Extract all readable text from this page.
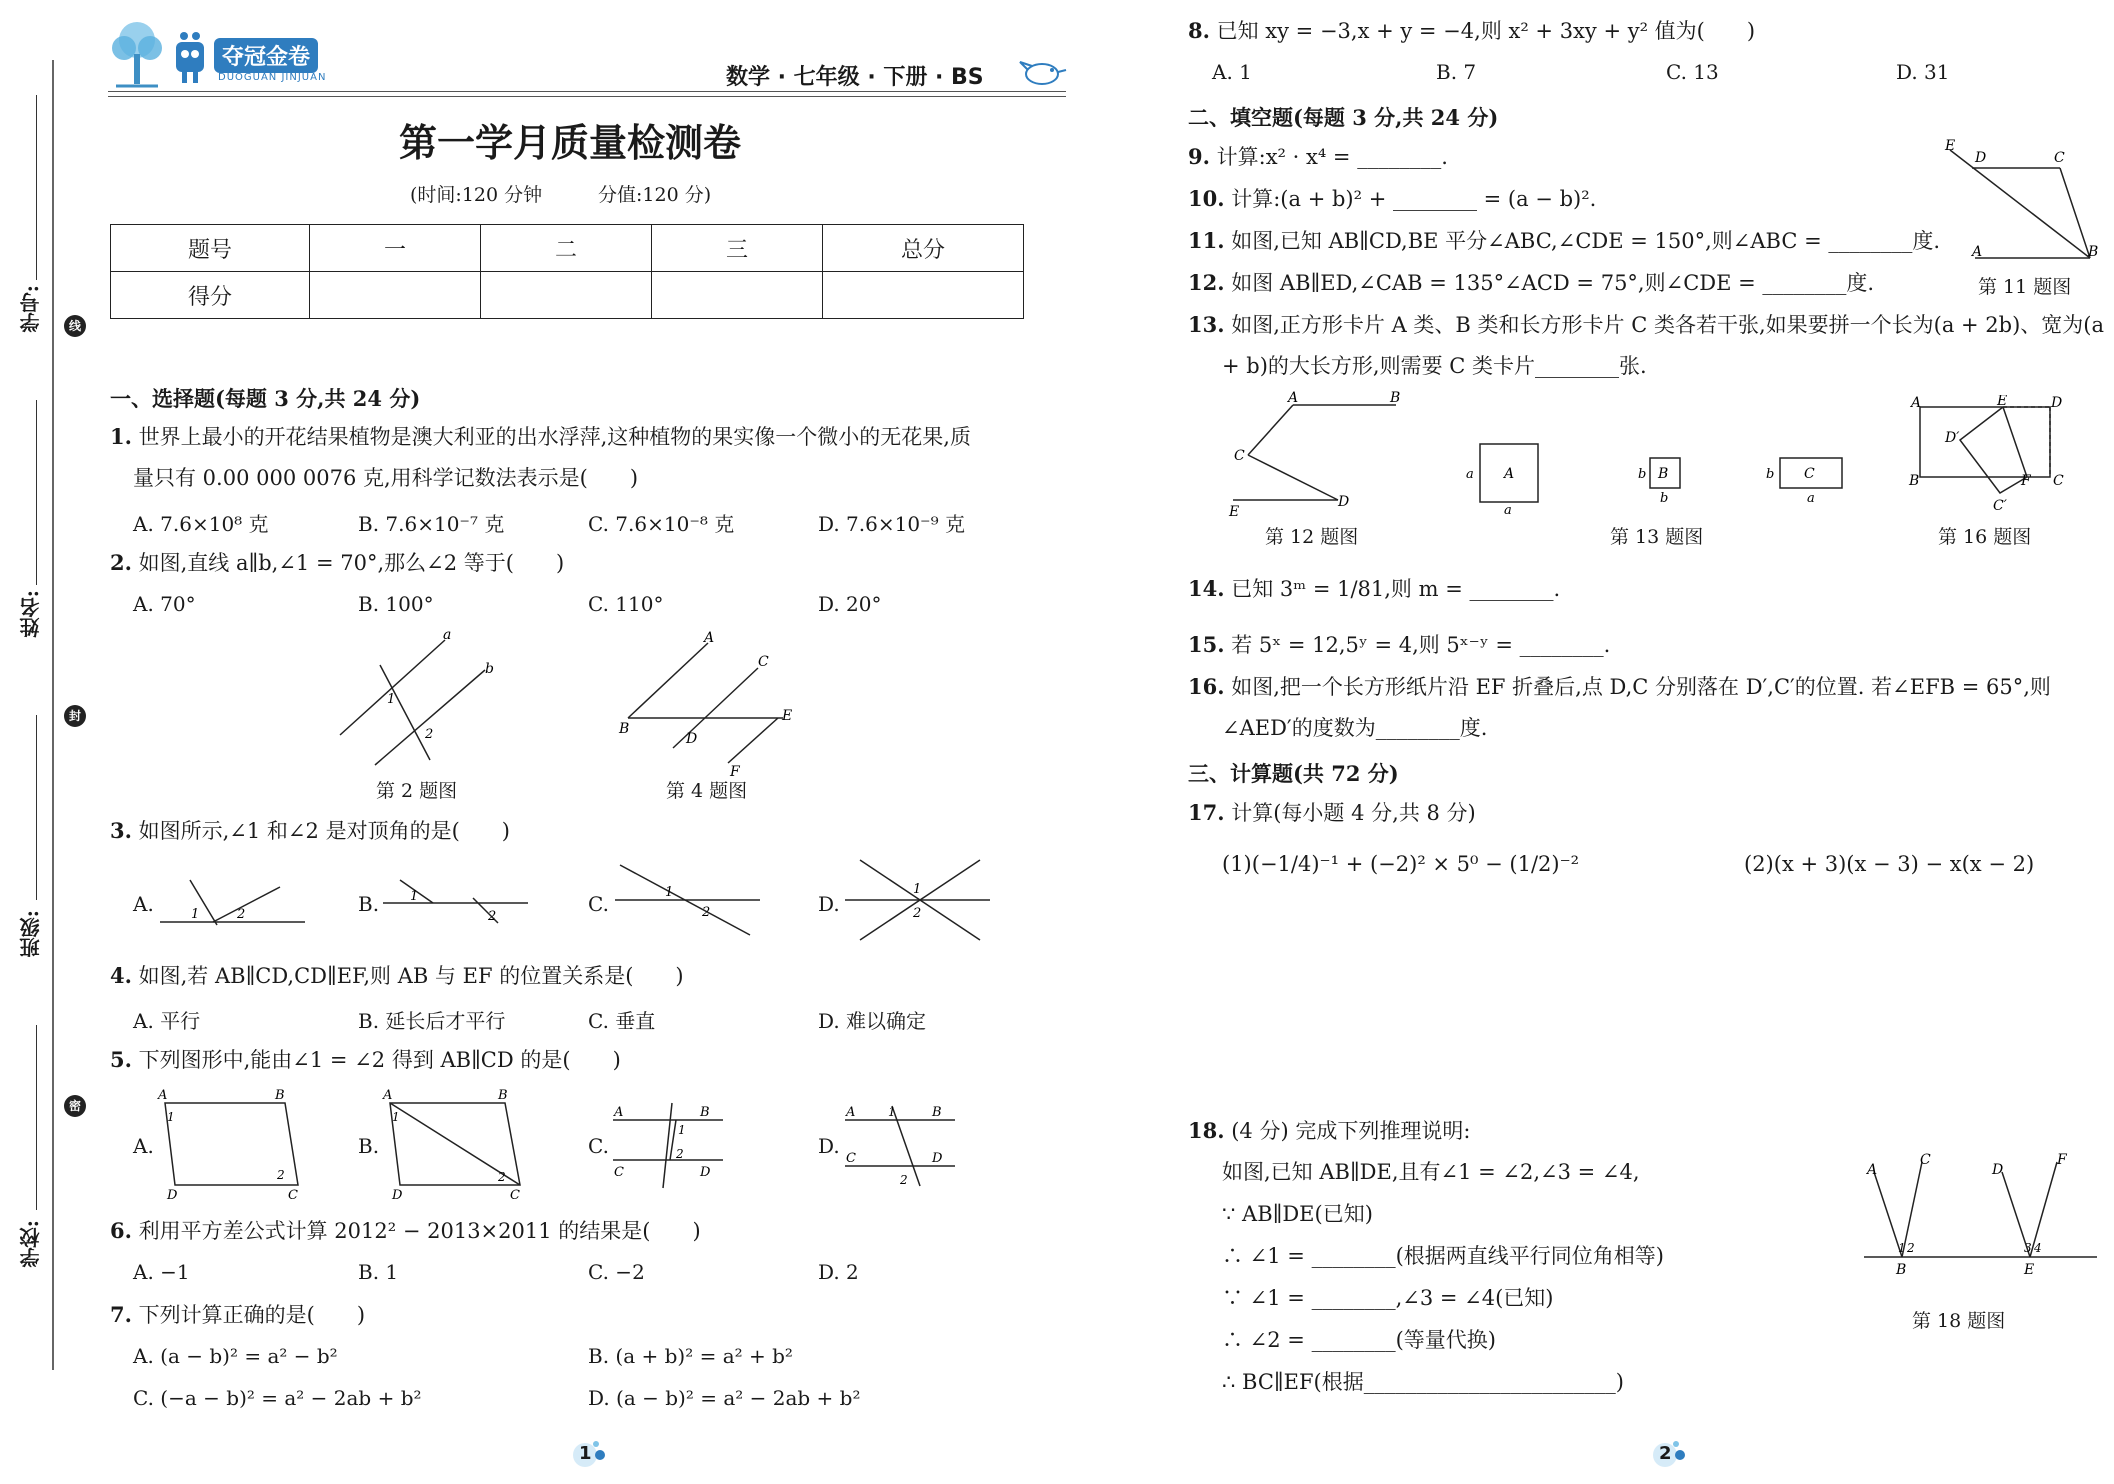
学号:
姓名:
班级:
学校:
线
封
密
夺冠金卷
DUOGUAN JINJUAN	数学 · 七年级 · 下册 · BS
第一学月质量检测卷
(时间:120 分钟	分值:120 分)
题号	一	二	三	总分
得分				
一、选择题(每题 3 分,共 24 分)
1. 世界上最小的开花结果植物是澳大利亚的出水浮萍,这种植物的果实像一个微小的无花果,质
量只有 0.00 000 0076 克,用科学记数法表示是(　　)
A. 7.6×10⁸ 克	B. 7.6×10⁻⁷ 克	C. 7.6×10⁻⁸ 克	D. 7.6×10⁻⁹ 克
2. 如图,直线 a∥b,∠1 = 70°,那么∠2 等于(　　)
A. 70°	B. 100°	C. 110°	D. 20°
a
b
1
2
A
B
C
D
E
F
第 2 题图	第 4 题图
3. 如图所示,∠1 和∠2 是对顶角的是(　　)
A.	1	2	B. 1
2
C.	1
2	D.
1
2
4. 如图,若 AB∥CD,CD∥EF,则 AB 与 EF 的位置关系是(　　)
A. 平行	B. 延长后才平行	C. 垂直	D. 难以确定
5. 下列图形中,能由∠1 = ∠2 得到 AB∥CD 的是(　　)
A.
A	B
D	C
1
2
B.
A	B
D	C
1
2
C.
A	B
C	D
1
2	D.
A	B
C	D
1
2
6. 利用平方差公式计算 2012² − 2013×2011 的结果是(　　)
A. −1	B. 1	C. −2	D. 2
7. 下列计算正确的是(　　)
A. (a − b)² = a² − b²	B. (a + b)² = a² + b²
C. (−a − b)² = a² − 2ab + b²	D. (a − b)² = a² − 2ab + b²
1
8. 已知 xy = −3,x + y = −4,则 x² + 3xy + y² 值为(　　)
A. 1	B. 7	C. 13	D. 31
二、填空题(每题 3 分,共 24 分)
9. 计算:x² · x⁴ = ________.
10. 计算:(a + b)² + ________ = (a − b)².
11. 如图,已知 AB∥CD,BE 平分∠ABC,∠CDE = 150°,则∠ABC = ________度.
12. 如图 AB∥ED,∠CAB = 135°∠ACD = 75°,则∠CDE = ________度.
E
D	C
A	B
第 11 题图
13. 如图,正方形卡片 A 类、B 类和长方形卡片 C 类各若干张,如果要拼一个长为(a + 2b)、宽为(a
+ b)的大长方形,则需要 C 类卡片________张.
A	B
C
D
E
第 12 题图
A
a
a
B
b
b
C
b
a
第 13 题图
A	E	D
B	F C
D′
C′
第 16 题图
14. 已知 3ᵐ = 1/81,则 m = ________.
15. 若 5ˣ = 12,5ʸ = 4,则 5ˣ⁻ʸ = ________.
16. 如图,把一个长方形纸片沿 EF 折叠后,点 D,C 分别落在 D′,C′的位置. 若∠EFB = 65°,则
∠AED′的度数为________度.
三、计算题(共 72 分)
17. 计算(每小题 4 分,共 8 分)
(1)(−1/4)⁻¹ + (−2)² × 5⁰ − (1/2)⁻²	(2)(x + 3)(x − 3) − x(x − 2)
18. (4 分) 完成下列推理说明:
如图,已知 AB∥DE,且有∠1 = ∠2,∠3 = ∠4,
∵ AB∥DE(已知)
∴ ∠1 = ________(根据两直线平行同位角相等)
∵ ∠1 = ________,∠3 = ∠4(已知)
∴ ∠2 = ________(等量代换)
∴ BC∥EF(根据________________________)
A
C
D
F
1 2	3 4
B	E
第 18 题图
2
